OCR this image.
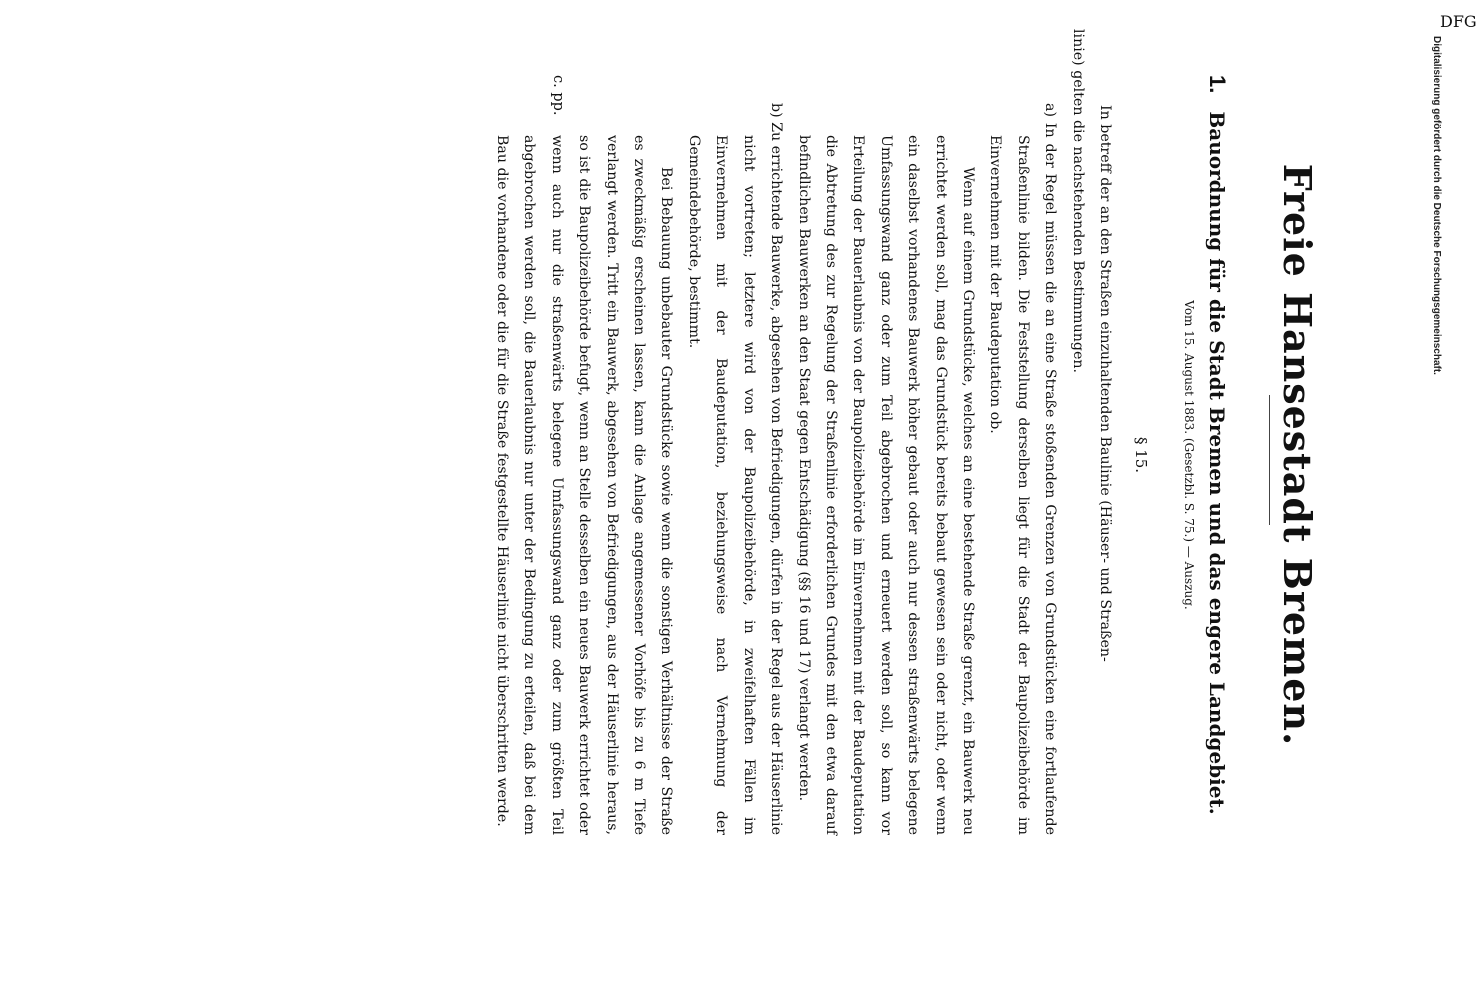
Freie Hansestadt Bremen.
1.Bauordnung für die Stadt Bremen und das engere Landgebiet.
Vom 15. August 1883. (Gesetzbl. S. 75.) — Auszug.
§ 15.

In betreff der an den Straßen einzuhaltenden Baulinie (Häuser- und Straßen-

linie) gelten die nachstehenden Bestimmungen.

a) In der Regel müssen die an eine Straße stoßenden Grenzen von Grundstücken eine fortlaufende Straßenlinie bilden. Die Feststellung derselben liegt für die Stadt der Baupolizeibehörde im Einvernehmen mit der Baudeputation ob.

Wenn auf einem Grundstücke, welches an eine bestehende Straße grenzt, ein Bauwerk neu errichtet werden soll, mag das Grundstück bereits bebaut gewesen sein oder nicht, oder wenn ein daselbst vorhandenes Bauwerk höher gebaut oder auch nur dessen straßenwärts belegene Umfassungswand ganz oder zum Teil abgebrochen und erneuert werden soll, so kann vor Erteilung der Bauerlaubnis von der Baupolizeibehörde im Einvernehmen mit der Baudeputation die Abtretung des zur Regelung der Straßenlinie erforderlichen Grundes mit den etwa darauf befindlichen Bauwerken an den Staat gegen Entschädigung (§§ 16 und 17) verlangt werden.

b) Zu errichtende Bauwerke, abgesehen von Befriedigungen, dürfen in der Regel aus der Häuserlinie nicht vortreten; letztere wird von der Baupolizeibehörde, in zweifelhaften Fällen im Einvernehmen mit der Baudeputation, beziehungsweise nach Vernehmung der Gemeindebehörde, bestimmt.

Bei Bebauung unbebauter Grundstücke sowie wenn die sonstigen Verhältnisse der Straße es zweckmäßig erscheinen lassen, kann die Anlage angemessener Vorhöfe bis zu 6 m Tiefe verlangt werden. Tritt ein Bauwerk, abgesehen von Befriedigungen, aus der Häuserlinie heraus, so ist die Baupolizeibehörde befugt, wenn an Stelle desselben ein neues Bauwerk errichtet oder wenn auch nur die straßenwärts belegene Umfassungswand ganz oder zum größten Teil abgebrochen werden soll, die Bauerlaubnis nur unter der Bedingung zu erteilen, daß bei dem Bau die vorhandene oder die für die Straße festgestellte Häuserlinie nicht überschritten werde.

c. pp.	Digitalisierung gefördert durch die Deutsche Forschungsgemeinschaft.
DFG
